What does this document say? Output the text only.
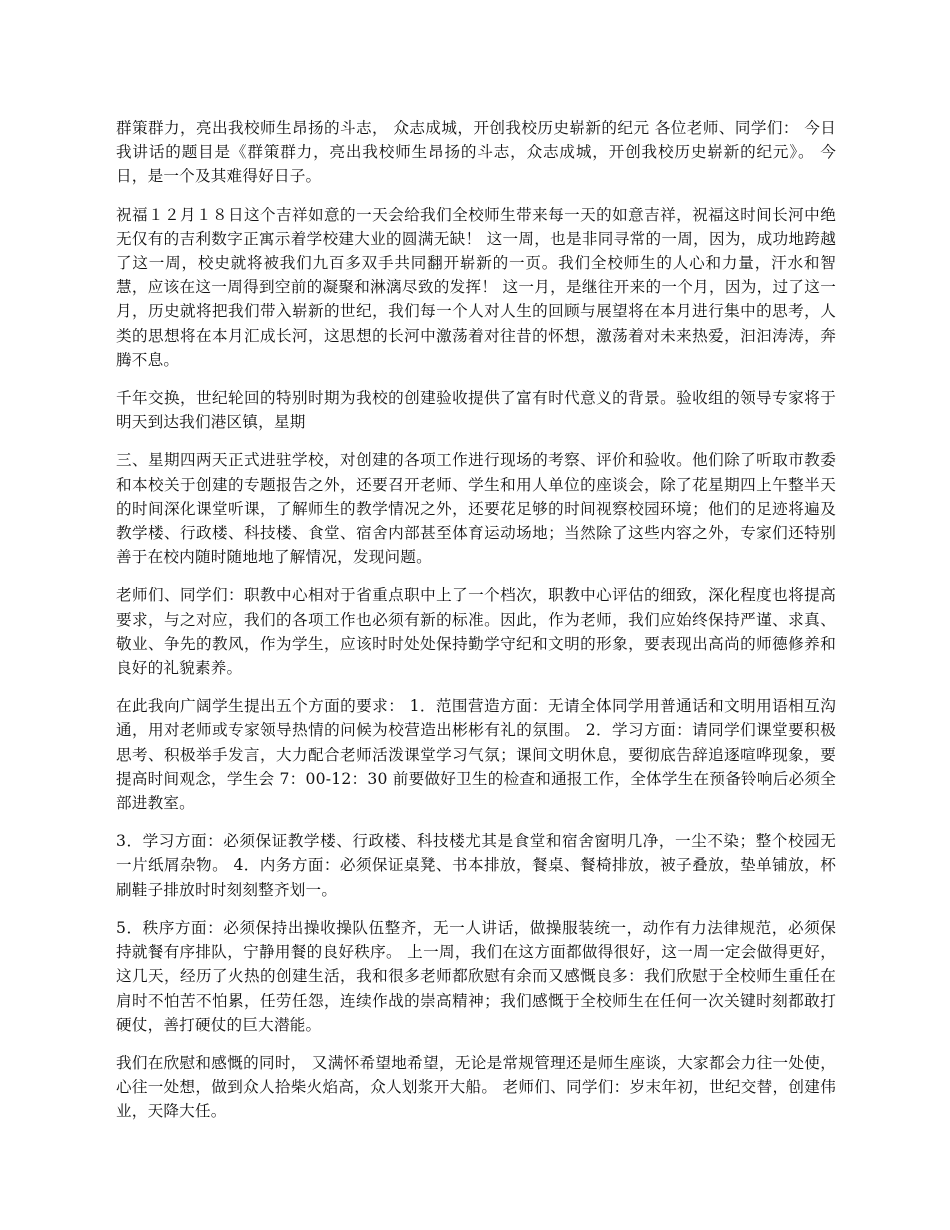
群策群力，亮出我校师生昂扬的斗志， 众志成城，开创我校历史崭新的纪元 各位老师、同学们： 今日我讲话的题目是《群策群力，亮出我校师生昂扬的斗志，众志成城，开创我校历史崭新的纪元》。 今日，是一个及其难得好日子。

祝福１２月１８日这个吉祥如意的一天会给我们全校师生带来每一天的如意吉祥，祝福这时间长河中绝无仅有的吉利数字正寓示着学校建大业的圆满无缺！ 这一周，也是非同寻常的一周，因为，成功地跨越了这一周，校史就将被我们九百多双手共同翻开崭新的一页。我们全校师生的人心和力量，汗水和智慧，应该在这一周得到空前的凝聚和淋漓尽致的发挥！ 这一月，是继往开来的一个月，因为，过了这一月，历史就将把我们带入崭新的世纪，我们每一个人对人生的回顾与展望将在本月进行集中的思考，人类的思想将在本月汇成长河，这思想的长河中激荡着对往昔的怀想，激荡着对未来热爱，汩汩涛涛，奔腾不息。

千年交换，世纪轮回的特别时期为我校的创建验收提供了富有时代意义的背景。验收组的领导专家将于明天到达我们港区镇，星期

三、星期四两天正式进驻学校，对创建的各项工作进行现场的考察、评价和验收。他们除了听取市教委和本校关于创建的专题报告之外，还要召开老师、学生和用人单位的座谈会，除了花星期四上午整半天的时间深化课堂听课，了解师生的教学情况之外，还要花足够的时间视察校园环境；他们的足迹将遍及教学楼、行政楼、科技楼、食堂、宿舍内部甚至体育运动场地；当然除了这些内容之外，专家们还特别善于在校内随时随地地了解情况，发现问题。

老师们、同学们：职教中心相对于省重点职中上了一个档次，职教中心评估的细致，深化程度也将提高要求，与之对应，我们的各项工作也必须有新的标准。因此，作为老师，我们应始终保持严谨、求真、敬业、争先的教风，作为学生，应该时时处处保持勤学守纪和文明的形象，要表现出高尚的师德修养和良好的礼貌素养。

在此我向广阔学生提出五个方面的要求： 1．范围营造方面：无请全体同学用普通话和文明用语相互沟通，用对老师或专家领导热情的问候为校营造出彬彬有礼的氛围。 2．学习方面：请同学们课堂要积极思考、积极举手发言，大力配合老师活泼课堂学习气氛；课间文明休息，要彻底告辞追逐喧哗现象，要提高时间观念，学生会 7：00-12：30 前要做好卫生的检查和通报工作，全体学生在预备铃响后必须全部进教室。

3．学习方面：必须保证教学楼、行政楼、科技楼尤其是食堂和宿舍窗明几净，一尘不染；整个校园无一片纸屑杂物。 4．内务方面：必须保证桌凳、书本排放，餐桌、餐椅排放，被子叠放，垫单铺放，杯刷鞋子排放时时刻刻整齐划一。

5．秩序方面：必须保持出操收操队伍整齐，无一人讲话，做操服装统一，动作有力法律规范，必须保持就餐有序排队，宁静用餐的良好秩序。 上一周，我们在这方面都做得很好，这一周一定会做得更好，这几天，经历了火热的创建生活，我和很多老师都欣慰有余而又感慨良多：我们欣慰于全校师生重任在肩时不怕苦不怕累，任劳任怨，连续作战的崇高精神；我们感慨于全校师生在任何一次关键时刻都敢打硬仗，善打硬仗的巨大潜能。

我们在欣慰和感慨的同时， 又满怀希望地希望，无论是常规管理还是师生座谈，大家都会力往一处使，心往一处想，做到众人拾柴火焰高，众人划浆开大船。 老师们、同学们：岁末年初，世纪交替，创建伟业，天降大任。
